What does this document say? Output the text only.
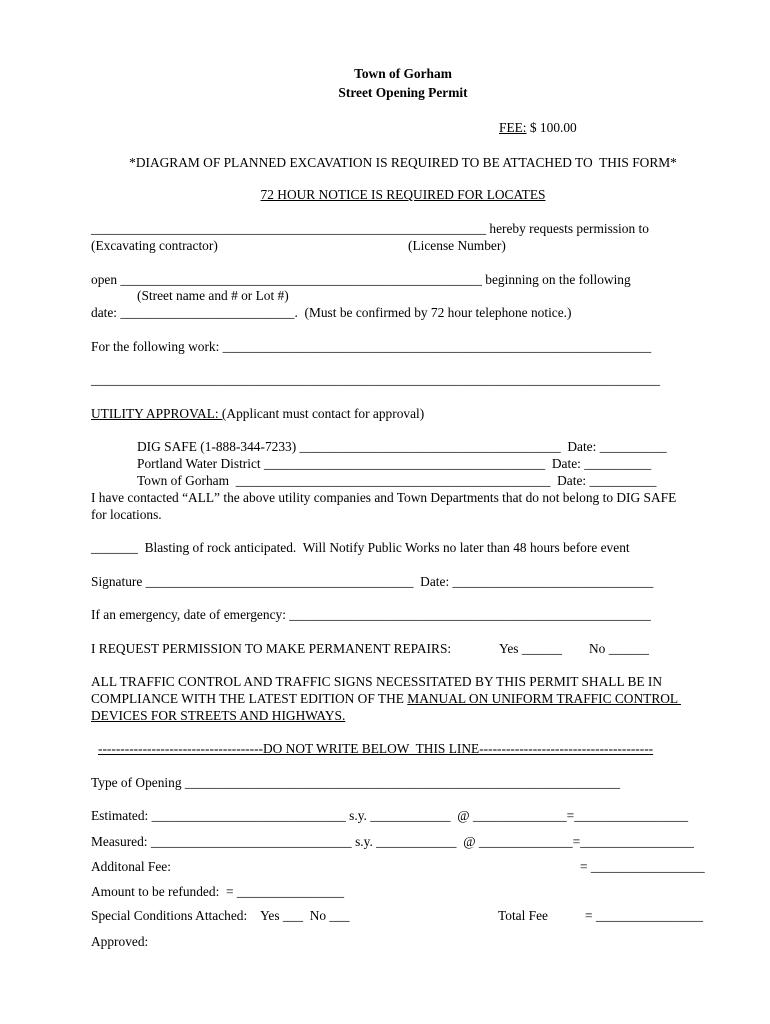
Town of Gorham
Street Opening Permit
FEE: $ 100.00
*DIAGRAM OF PLANNED EXCAVATION IS REQUIRED TO BE ATTACHED TO  THIS FORM*
72 HOUR NOTICE IS REQUIRED FOR LOCATES
___________________________________________________________ hereby requests permission to
(Excavating contractor)	(License Number)
open ______________________________________________________ beginning on the following
(Street name and # or Lot #)
date: __________________________.  (Must be confirmed by 72 hour telephone notice.)
For the following work: ________________________________________________________________
_____________________________________________________________________________________
UTILITY APPROVAL: (Applicant must contact for approval)
DIG SAFE (1-888-344-7233) _______________________________________  Date: __________
Portland Water District __________________________________________  Date: __________
Town of Gorham  _______________________________________________  Date: __________
I have contacted “ALL” the above utility companies and Town Departments that do not belong to DIG SAFE
for locations.
_______  Blasting of rock anticipated.  Will Notify Public Works no later than 48 hours before event
Signature ________________________________________  Date: ______________________________
If an emergency, date of emergency: ______________________________________________________
I REQUEST PERMISSION TO MAKE PERMANENT REPAIRS:	Yes ______ No ______
ALL TRAFFIC CONTROL AND TRAFFIC SIGNS NECESSITATED BY THIS PERMIT SHALL BE IN
COMPLIANCE WITH THE LATEST EDITION OF THE MANUAL ON UNIFORM TRAFFIC CONTROL
DEVICES FOR STREETS AND HIGHWAYS.
-------------------------------------DO NOT WRITE BELOW  THIS LINE---------------------------------------
Type of Opening _________________________________________________________________
Estimated: _____________________________ s.y. ____________  @ ______________=_________________
Measured: ______________________________ s.y. ____________  @ ______________=_________________
Additonal Fee:	= _________________
Amount to be refunded:  = ________________
Special Conditions Attached:    Yes ___  No ___	Total Fee	= ________________
Approved:
